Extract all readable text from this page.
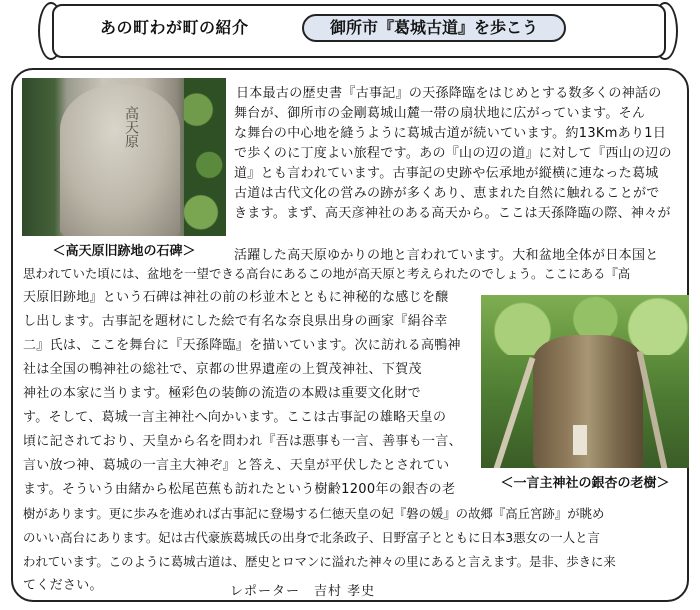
あの町わが町の紹介	御所市『葛城古道』を歩こう
高天原
＜高天原旧跡地の石碑＞
＜一言主神社の銀杏の老樹＞
日本最古の歴史書『古事記』の天孫降臨をはじめとする数多くの神話の
舞台が、御所市の金剛葛城山麓一帯の扇状地に広がっています。そん
な舞台の中心地を縫うように葛城古道が続いています。約13Kmあり1日
で歩くのに丁度よい旅程です。あの『山の辺の道』に対して『西山の辺の
道』とも言われています。古事記の史跡や伝承地が縦横に連なった葛城
古道は古代文化の営みの跡が多くあり、恵まれた自然に触れることがで
きます。まず、高天彦神社のある高天から。ここは天孫降臨の際、神々が
活躍した高天原ゆかりの地と言われています。大和盆地全体が日本国と
思われていた頃には、盆地を一望できる高台にあるこの地が高天原と考えられたのでしょう。ここにある『高
天原旧跡地』という石碑は神社の前の杉並木とともに神秘的な感じを醸
し出します。古事記を題材にした絵で有名な奈良県出身の画家『絹谷幸
二』氏は、ここを舞台に『天孫降臨』を描いています。次に訪れる高鴨神
社は全国の鴨神社の総社で、京都の世界遺産の上賀茂神社、下賀茂
神社の本家に当ります。極彩色の装飾の流造の本殿は重要文化財で
す。そして、葛城一言主神社へ向かいます。ここは古事記の雄略天皇の
頃に記されており、天皇から名を問われ『吾は悪事も一言、善事も一言、
言い放つ神、葛城の一言主大神ぞ』と答え、天皇が平伏したとされてい
ます。そういう由緒から松尾芭蕉も訪れたという樹齢1200年の銀杏の老
樹があります。更に歩みを進めれば古事記に登場する仁徳天皇の妃『磐の媛』の故郷『高丘宮跡』が眺め
のいい高台にあります。妃は古代豪族葛城氏の出身で北条政子、日野富子とともに日本3悪女の一人と言
われています。このように葛城古道は、歴史とロマンに溢れた神々の里にあると言えます。是非、歩きに来
てください。	レポーター　吉村 孝史
